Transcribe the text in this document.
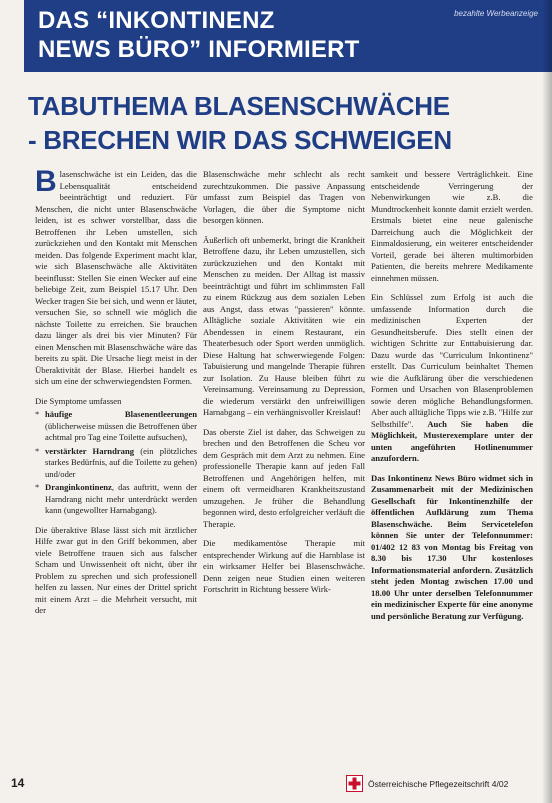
DAS “INKONTINENZ
NEWS BÜRO” INFORMIERT
bezahlte Werbeanzeige
TABUTHEMA BLASENSCHWÄCHE
- BRECHEN WIR DAS SCHWEIGEN

Blasenschwäche ist ein Leiden, das die Lebensqualität entscheidend beeinträchtigt und reduziert. Für Menschen, die nicht unter Blasenschwäche leiden, ist es schwer vorstellbar, dass die Betroffenen ihr Leben umstellen, sich zurückziehen und den Kontakt mit Menschen meiden. Das folgende Experiment macht klar, wie sich Blasenschwäche alle Aktivitäten beeinflusst: Stellen Sie einen Wecker auf eine beliebige Zeit, zum Beispiel 15.17 Uhr. Den Wecker tragen Sie bei sich, und wenn er läutet, versuchen Sie, so schnell wie möglich die nächste Toilette zu erreichen. Sie brauchen dazu länger als drei bis vier Minuten? Für einen Menschen mit Blasenschwäche wäre das bereits zu spät. Die Ursache liegt meist in der Überaktivität der Blase. Hierbei handelt es sich um eine der schwerwiegendsten Formen.

Die Symptome umfassen

* häufige Blasenentleerungen (üblicherweise müssen die Betroffenen über achtmal pro Tag eine Toilette aufsuchen),
* verstärkter Harndrang (ein plötzliches starkes Bedürfnis, auf die Toilette zu gehen) und/oder
* Dranginkontinenz, das auftritt, wenn der Harndrang nicht mehr unterdrückt werden kann (ungewollter Harnabgang).

Die überaktive Blase lässt sich mit ärztlicher Hilfe zwar gut in den Griff bekommen, aber viele Betroffene trauen sich aus falscher Scham und Unwissenheit oft nicht, über ihr Problem zu sprechen und sich professionell helfen zu lassen. Nur eines der Drittel spricht mit einem Arzt – die Mehrheit versucht, mit der

Blasenschwäche mehr schlecht als recht zurechtzukommen. Die passive Anpassung umfasst zum Beispiel das Tragen von Vorlagen, die über die Symptome nicht besorgen können.

Äußerlich oft unbemerkt, bringt die Krankheit Betroffene dazu, ihr Leben umzustellen, sich zurückzuziehen und den Kontakt mit Menschen zu meiden. Der Alltag ist massiv beeinträchtigt und führt im schlimmsten Fall zu einem Rückzug aus dem sozialen Leben aus Angst, dass etwas "passieren" könnte. Alltägliche soziale Aktivitäten wie ein Abendessen in einem Restaurant, ein Theaterbesuch oder Sport werden unmöglich. Diese Haltung hat schwerwiegende Folgen: Tabuisierung und mangelnde Therapie führen zur Isolation. Zu Hause bleiben führt zu Vereinsamung. Vereinsamung zu Depression, die wiederum verstärkt den unfreiwilligen Harnabgang – ein verhängnisvoller Kreislauf!

Das oberste Ziel ist daher, das Schweigen zu brechen und den Betroffenen die Scheu vor dem Gespräch mit dem Arzt zu nehmen. Eine professionelle Therapie kann auf jeden Fall Betroffenen und Angehörigen helfen, mit einem oft vermeidbaren Krankheitszustand umzugehen. Je früher die Behandlung begonnen wird, desto erfolgreicher verläuft die Therapie.

Die medikamentöse Therapie mit entsprechender Wirkung auf die Harnblase ist ein wirksamer Helfer bei Blasenschwäche. Denn zeigen neue Studien einen weiteren Fortschritt in Richtung bessere Wirk-

samkeit und bessere Verträglichkeit. Eine entscheidende Verringerung der Nebenwirkungen wie z.B. die Mundtrockenheit konnte damit erzielt werden. Erstmals bietet eine neue galenische Darreichung auch die Möglichkeit der Einmaldosierung, ein weiterer entscheidender Vorteil, gerade bei älteren multimorbiden Patienten, die bereits mehrere Medikamente einnehmen müssen.

Ein Schlüssel zum Erfolg ist auch die umfassende Information durch die medizinischen Experten der Gesundheitsberufe. Dies stellt einen der wichtigen Schritte zur Enttabuisierung dar. Dazu wurde das "Curriculum Inkontinenz" erstellt. Das Curriculum beinhaltet Themen wie die Aufklärung über die verschiedenen Formen und Ursachen von Blasenproblemen sowie deren mögliche Behandlungsformen. Aber auch alltägliche Tipps wie z.B. "Hilfe zur Selbsthilfe". Auch Sie haben die Möglichkeit, Musterexemplare unter der unten angeführten Hotlinenummer anzufordern.

Das Inkontinenz News Büro widmet sich in Zusammenarbeit mit der Medizinischen Gesellschaft für Inkontinenzhilfe der öffentlichen Aufklärung zum Thema Blasenschwäche. Beim Servicetelefon können Sie unter der Telefonnummer: 01/402 12 83 von Montag bis Freitag von 8.30 bis 17.30 Uhr kostenloses Informationsmaterial anfordern. Zusätzlich steht jeden Montag zwischen 17.00 und 18.00 Uhr unter derselben Telefonnummer ein medizinischer Experte für eine anonyme und persönliche Beratung zur Verfügung.

14	Österreichische Pflegezeitschrift 4/02
